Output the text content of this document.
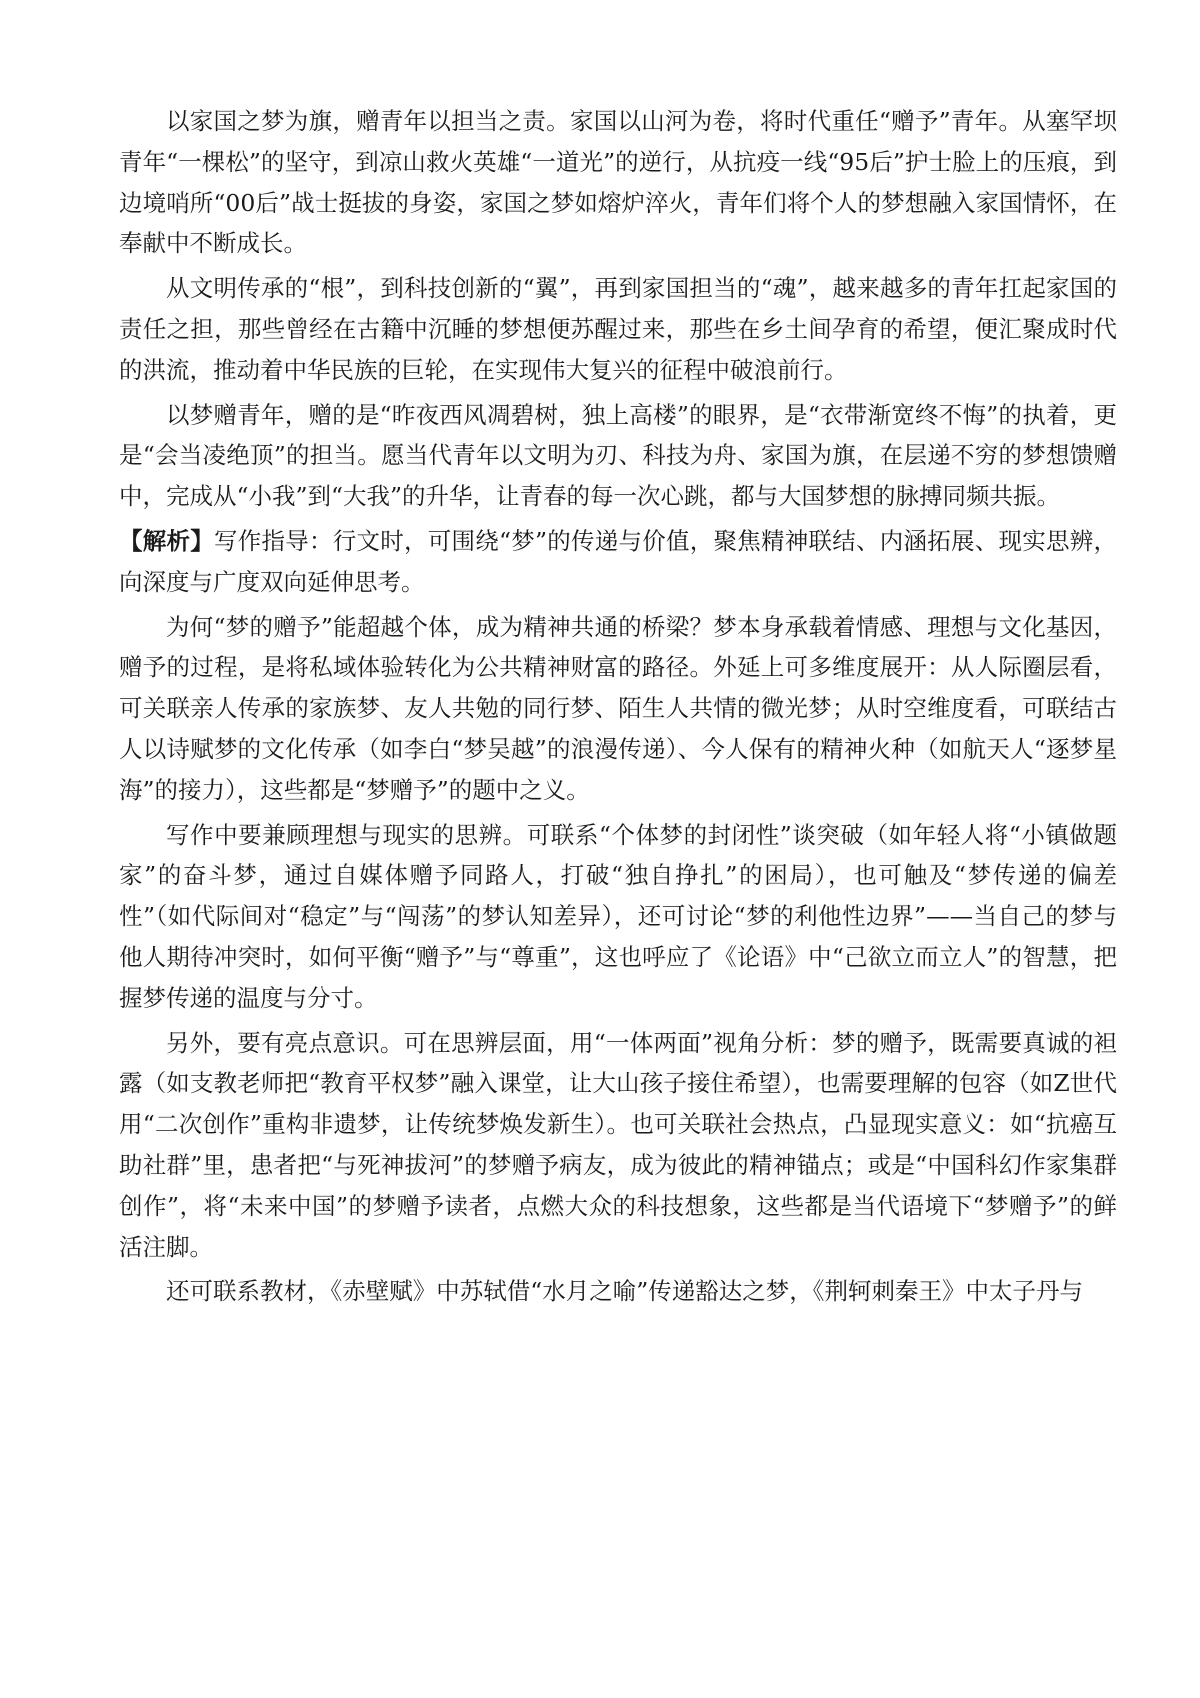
以家国之梦为旗，赠青年以担当之责。家国以山河为卷，将时代重任“赠予”青年。从塞罕坝青年“一棵松”的坚守，到凉山救火英雄“一道光”的逆行，从抗疫一线“95后”护士脸上的压痕，到边境哨所“00后”战士挺拔的身姿，家国之梦如熔炉淬火，青年们将个人的梦想融入家国情怀，在奉献中不断成长。

从文明传承的“根”，到科技创新的“翼”，再到家国担当的“魂”，越来越多的青年扛起家国的责任之担，那些曾经在古籍中沉睡的梦想便苏醒过来，那些在乡土间孕育的希望，便汇聚成时代的洪流，推动着中华民族的巨轮，在实现伟大复兴的征程中破浪前行。

以梦赠青年，赠的是“昨夜西风凋碧树，独上高楼”的眼界，是“衣带渐宽终不悔”的执着，更是“会当凌绝顶”的担当。愿当代青年以文明为刃、科技为舟、家国为旗，在层递不穷的梦想馈赠中，完成从“小我”到“大我”的升华，让青春的每一次心跳，都与大国梦想的脉搏同频共振。

【解析】写作指导：行文时，可围绕“梦”的传递与价值，聚焦精神联结、内涵拓展、现实思辨，向深度与广度双向延伸思考。

为何“梦的赠予”能超越个体，成为精神共通的桥梁？梦本身承载着情感、理想与文化基因，赠予的过程，是将私域体验转化为公共精神财富的路径。外延上可多维度展开：从人际圈层看，可关联亲人传承的家族梦、友人共勉的同行梦、陌生人共情的微光梦；从时空维度看，可联结古人以诗赋梦的文化传承（如李白“梦吴越”的浪漫传递）、今人保有的精神火种（如航天人“逐梦星海”的接力），这些都是“梦赠予”的题中之义。

写作中要兼顾理想与现实的思辨。可联系“个体梦的封闭性”谈突破（如年轻人将“小镇做题家”的奋斗梦，通过自媒体赠予同路人，打破“独自挣扎”的困局），也可触及“梦传递的偏差性”（如代际间对“稳定”与“闯荡”的梦认知差异），还可讨论“梦的利他性边界”——当自己的梦与他人期待冲突时，如何平衡“赠予”与“尊重”，这也呼应了《论语》中“己欲立而立人”的智慧，把握梦传递的温度与分寸。

另外，要有亮点意识。可在思辨层面，用“一体两面”视角分析：梦的赠予，既需要真诚的袒露（如支教老师把“教育平权梦”融入课堂，让大山孩子接住希望），也需要理解的包容（如Z世代用“二次创作”重构非遗梦，让传统梦焕发新生）。也可关联社会热点，凸显现实意义：如“抗癌互助社群”里，患者把“与死神拔河”的梦赠予病友，成为彼此的精神锚点；或是“中国科幻作家集群创作”，将“未来中国”的梦赠予读者，点燃大众的科技想象，这些都是当代语境下“梦赠予”的鲜活注脚。

还可联系教材，《赤壁赋》中苏轼借“水月之喻”传递豁达之梦，《荆轲刺秦王》中太子丹与
